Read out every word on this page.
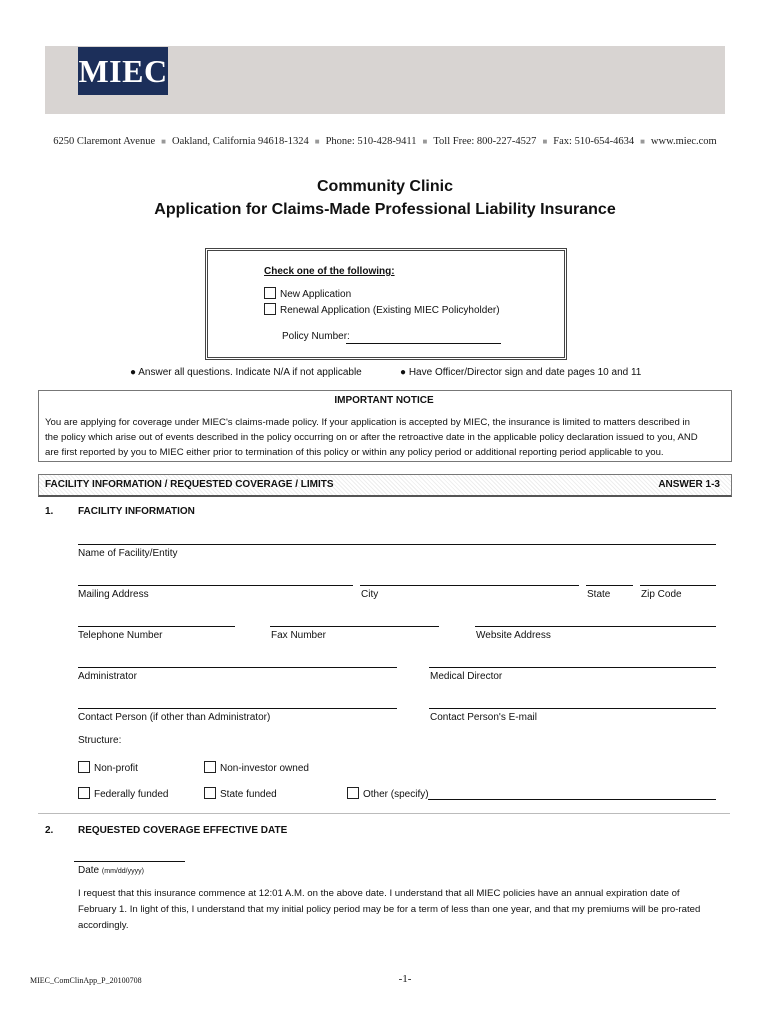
MIEC
6250 Claremont Avenue ■ Oakland, California 94618-1324 ■ Phone: 510-428-9411 ■ Toll Free: 800-227-4527 ■ Fax: 510-654-4634 ■ www.miec.com
Community Clinic
Application for Claims-Made Professional Liability Insurance
Check one of the following:
New Application
Renewal Application (Existing MIEC Policyholder)
Policy Number:
● Answer all questions. Indicate N/A if not applicable	● Have Officer/Director sign and date pages 10 and 11
IMPORTANT NOTICE
You are applying for coverage under MIEC's claims-made policy. If your application is accepted by MIEC, the insurance is limited to matters described in
the policy which arise out of events described in the policy occurring on or after the retroactive date in the applicable policy declaration issued to you, AND
are first reported by you to MIEC either prior to termination of this policy or within any policy period or additional reporting period applicable to you.
FACILITY INFORMATION / REQUESTED COVERAGE / LIMITS	ANSWER 1-3
1. FACILITY INFORMATION
Name of Facility/Entity
Mailing Address	City	State	Zip Code
Telephone Number	Fax Number	Website Address
Administrator	Medical Director
Contact Person (if other than Administrator)	Contact Person's E-mail
Structure:
Non-profit	Non-investor owned
Federally funded	State funded	Other (specify)
2. REQUESTED COVERAGE EFFECTIVE DATE
Date (mm/dd/yyyy)
I request that this insurance commence at 12:01 A.M. on the above date. I understand that all MIEC policies have an annual expiration date of
February 1. In light of this, I understand that my initial policy period may be for a term of less than one year, and that my premiums will be pro-rated
accordingly.
MIEC_ComClinApp_P_20100708	-1-
